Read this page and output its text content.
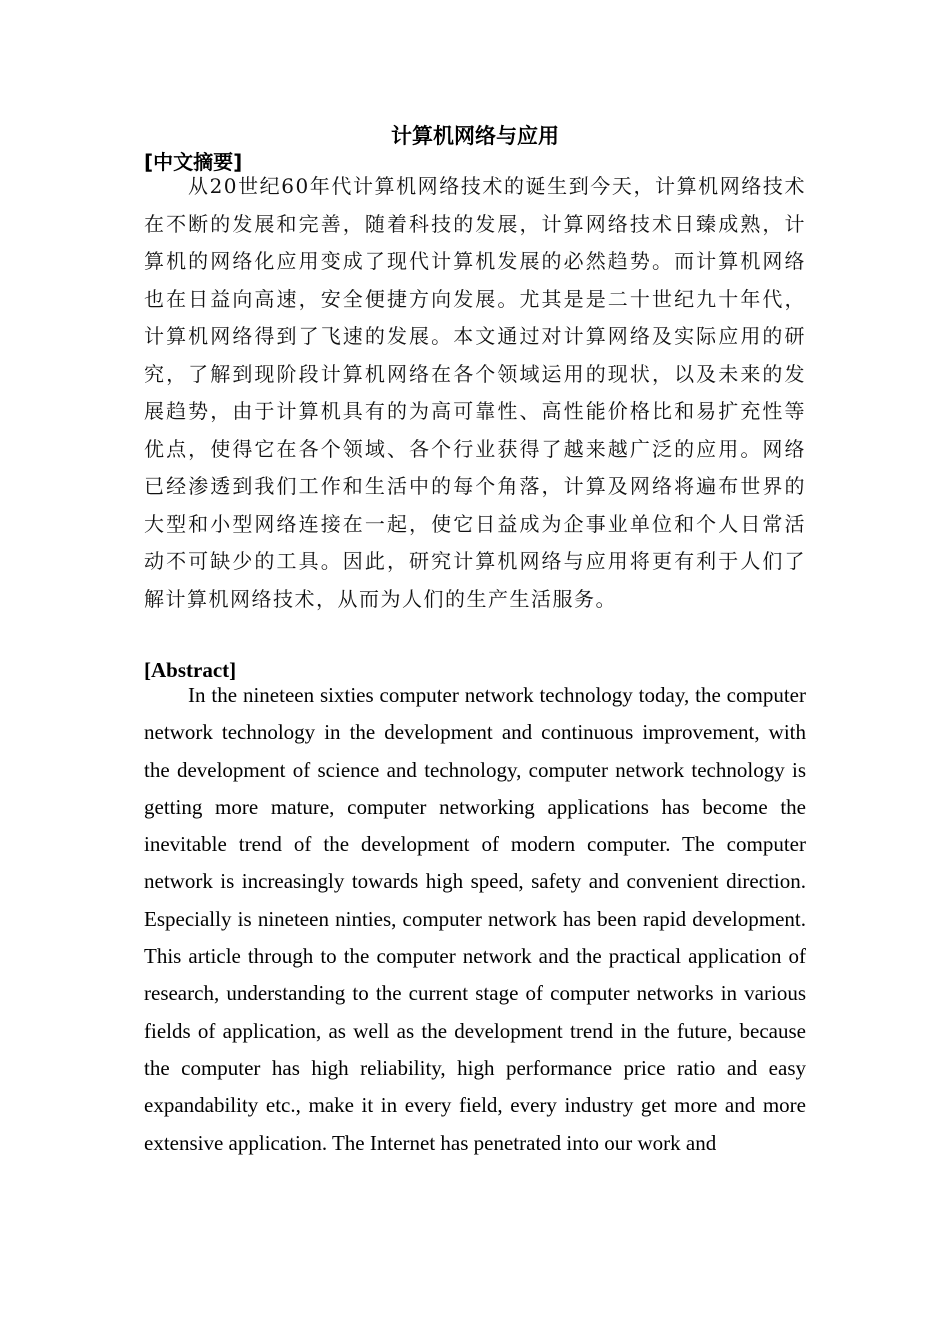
计算机网络与应用
[中文摘要]

从20世纪60年代计算机网络技术的诞生到今天，计算机网络技术在不断的发展和完善，随着科技的发展，计算网络技术日臻成熟，计算机的网络化应用变成了现代计算机发展的必然趋势。而计算机网络也在日益向高速，安全便捷方向发展。尤其是是二十世纪九十年代，计算机网络得到了飞速的发展。本文通过对计算网络及实际应用的研究，了解到现阶段计算机网络在各个领域运用的现状，以及未来的发展趋势，由于计算机具有的为高可靠性、高性能价格比和易扩充性等优点，使得它在各个领域、各个行业获得了越来越广泛的应用。网络已经渗透到我们工作和生活中的每个角落，计算及网络将遍布世界的大型和小型网络连接在一起，使它日益成为企事业单位和个人日常活动不可缺少的工具。因此，研究计算机网络与应用将更有利于人们了解计算机网络技术，从而为人们的生产生活服务。

[Abstract]

In the nineteen sixties computer network technology today, the computer network technology in the development and continuous improvement, with the development of science and technology, computer network technology is getting more mature, computer networking applications has become the inevitable trend of the development of modern computer. The computer network is increasingly towards high speed, safety and convenient direction. Especially is nineteen ninties, computer network has been rapid development. This article through to the computer network and the practical application of research, understanding to the current stage of computer networks in various fields of application, as well as the development trend in the future, because the computer has high reliability, high performance price ratio and easy expandability etc., make it in every field, every industry get more and more extensive application. The Internet has penetrated into our work and
